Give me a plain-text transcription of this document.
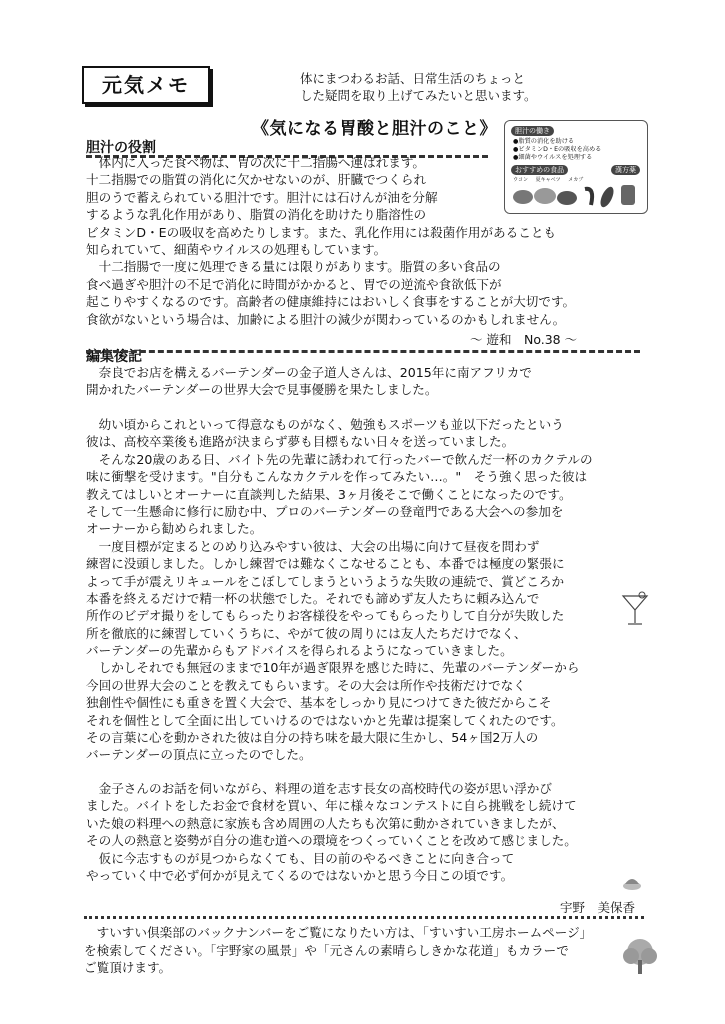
元気メモ	体にまつわるお話、日常生活のちょっと
した疑問を取り上げてみたいと思います。
《気になる胃酸と胆汁のこと》	胆汁の働き
●脂質の消化を助ける
●ビタミンD・Eの吸収を高める
●細菌やウイルスを処理する
おすすめの食品	漢方薬
ウコン 夏キャベツ メカブ
胆汁の役割
　体内に入った食べ物は、胃の次に十二指腸へ運ばれます。
十二指腸での脂質の消化に欠かせないのが、肝臓でつくられ
胆のうで蓄えられている胆汁です。胆汁には石けんが油を分解
するような乳化作用があり、脂質の消化を助けたり脂溶性の
ビタミンD・Eの吸収を高めたりします。また、乳化作用には殺菌作用があることも
知られていて、細菌やウイルスの処理もしています。
　十二指腸で一度に処理できる量には限りがあります。脂質の多い食品の
食べ過ぎや胆汁の不足で消化に時間がかかると、胃での逆流や食欲低下が
起こりやすくなるのです。高齢者の健康維持にはおいしく食事をすることが大切です。
食欲がないという場合は、加齢による胆汁の減少が関わっているのかもしれません。
〜 遊和　No.38 〜
編集後記
　奈良でお店を構えるバーテンダーの金子道人さんは、2015年に南アフリカで
開かれたバーテンダーの世界大会で見事優勝を果たしました。
　幼い頃からこれといって得意なものがなく、勉強もスポーツも並以下だったという
彼は、高校卒業後も進路が決まらず夢も目標もない日々を送っていました。
　そんな20歳のある日、バイト先の先輩に誘われて行ったバーで飲んだ一杯のカクテルの
味に衝撃を受けます。"自分もこんなカクテルを作ってみたい…。"　そう強く思った彼は
教えてはしいとオーナーに直談判した結果、3ヶ月後そこで働くことになったのです。
そして一生懸命に修行に励む中、プロのバーテンダーの登竜門である大会への参加を
オーナーから勧められました。
　一度目標が定まるとのめり込みやすい彼は、大会の出場に向けて昼夜を問わず
練習に没頭しました。しかし練習では難なくこなせることも、本番では極度の緊張に
よって手が震えリキュールをこぼしてしまうというような失敗の連続で、賞どころか
本番を終えるだけで精一杯の状態でした。それでも諦めず友人たちに頼み込んで
所作のビデオ撮りをしてもらったりお客様役をやってもらったりして自分が失敗した
所を徹底的に練習していくうちに、やがて彼の周りには友人たちだけでなく、
バーテンダーの先輩からもアドバイスを得られるようになっていきました。
　しかしそれでも無冠のままで10年が過ぎ限界を感じた時に、先輩のバーテンダーから
今回の世界大会のことを教えてもらいます。その大会は所作や技術だけでなく
独創性や個性にも重きを置く大会で、基本をしっかり見につけてきた彼だからこそ
それを個性として全面に出していけるのではないかと先輩は提案してくれたのです。
その言葉に心を動かされた彼は自分の持ち味を最大限に生かし、54ヶ国2万人の
バーテンダーの頂点に立ったのでした。
　金子さんのお話を伺いながら、料理の道を志す長女の高校時代の姿が思い浮かび
ました。バイトをしたお金で食材を買い、年に様々なコンテストに自ら挑戦をし続けて
いた娘の料理への熱意に家族も含め周囲の人たちも次第に動かされていきましたが、
その人の熱意と姿勢が自分の進む道への環境をつくっていくことを改めて感じました。
　仮に今志すものが見つからなくても、目の前のやるべきことに向き合って
やっていく中で必ず何かが見えてくるのではないかと思う今日この頃です。
宇野　美保香
　すいすい倶楽部のバックナンバーをご覧になりたい方は、「すいすい工房ホームページ」
を検索してください。「宇野家の風景」や「元さんの素晴らしきかな花道」もカラーで
ご覧頂けます。
